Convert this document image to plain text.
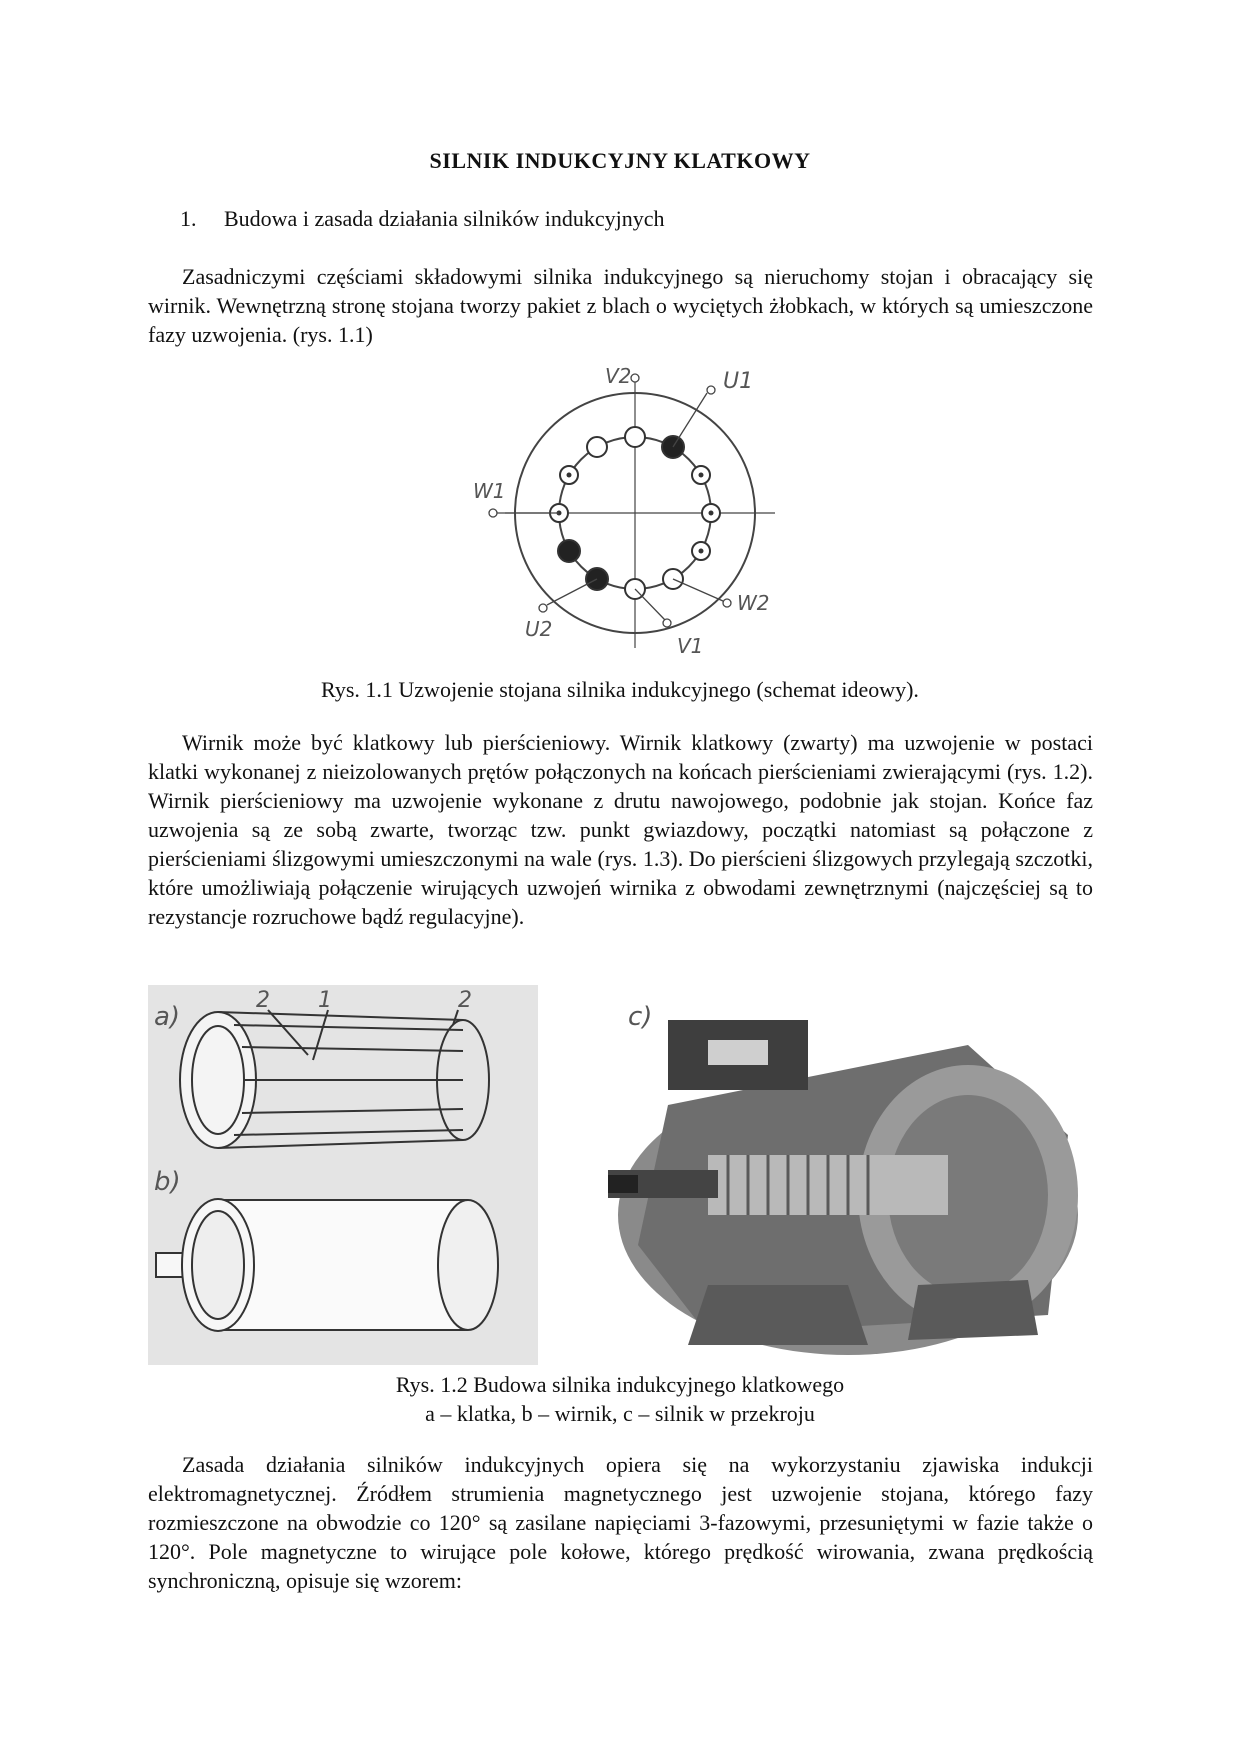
SILNIK INDUKCYJNY KLATKOWY
1. Budowa i zasada działania silników indukcyjnych

Zasadniczymi częściami składowymi silnika indukcyjnego są nieruchomy stojan i obracający się wirnik. Wewnętrzną stronę stojana tworzy pakiet z blach o wyciętych żłobkach, w których są umieszczone fazy uzwojenia. (rys. 1.1)

V2	U1
W1
U2
W2
V1
Rys. 1.1 Uzwojenie stojana silnika indukcyjnego (schemat ideowy).

Wirnik może być klatkowy lub pierścieniowy. Wirnik klatkowy (zwarty) ma uzwojenie w postaci klatki wykonanej z nieizolowanych prętów połączonych na końcach pierścieniami zwierającymi (rys. 1.2). Wirnik pierścieniowy ma uzwojenie wykonane z drutu nawojowego, podobnie jak stojan. Końce faz uzwojenia są ze sobą zwarte, tworząc tzw. punkt gwiazdowy, początki natomiast są połączone z pierścieniami ślizgowymi umieszczonymi na wale (rys. 1.3). Do pierścieni ślizgowych przylegają szczotki, które umożliwiają połączenie wirujących uzwojeń wirnika z obwodami zewnętrznymi (najczęściej są to rezystancje rozruchowe bądź regulacyjne).

a)
b)
2 1	2
c)
Rys. 1.2 Budowa silnika indukcyjnego klatkowego
a – klatka, b – wirnik, c – silnik w przekroju

Zasada działania silników indukcyjnych opiera się na wykorzystaniu zjawiska indukcji elektromagnetycznej. Źródłem strumienia magnetycznego jest uzwojenie stojana, którego fazy rozmieszczone na obwodzie co 120° są zasilane napięciami 3-fazowymi, przesuniętymi w fazie także o 120°. Pole magnetyczne to wirujące pole kołowe, którego prędkość wirowania, zwana prędkością synchroniczną, opisuje się wzorem:
